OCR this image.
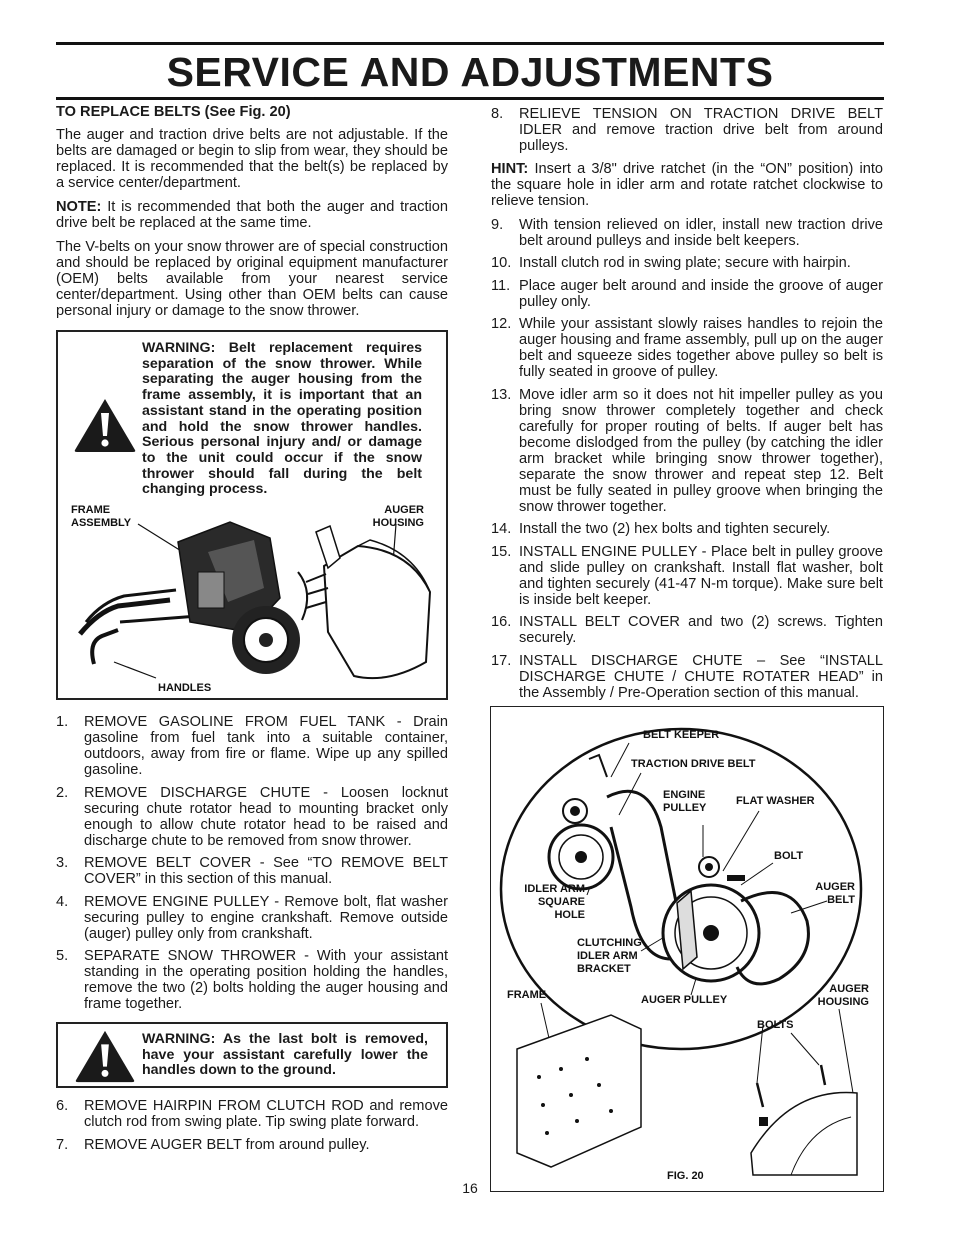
SERVICE AND ADJUSTMENTS

TO REPLACE BELTS (See Fig. 20)

The auger and traction drive belts are not adjustable. If the belts are damaged or begin to slip from wear, they should be replaced. It is recommended that the belt(s) be replaced by a service center/department.

NOTE: It is recommended that both the auger and traction drive belt be replaced at the same time.

The V-belts on your snow thrower are of special construction and should be replaced by original equipment manufacturer (OEM) belts available from your nearest service center/department. Using other than OEM belts can cause personal injury or damage to the snow thrower.

WARNING: Belt replacement requires separation of the snow thrower. While separating the auger housing from the frame assembly, it is important that an assistant stand in the operating position and hold the snow thrower handles. Serious personal injury and/ or damage to the unit could occur if the snow thrower should fall during the belt changing process.
FRAME
ASSEMBLY
AUGER
HOUSING
HANDLES
1. REMOVE GASOLINE FROM FUEL TANK - Drain gasoline from fuel tank into a suitable container, outdoors, away from fire or flame. Wipe up any spilled gasoline.
2. REMOVE DISCHARGE CHUTE - Loosen locknut securing chute rotator head to mounting bracket only enough to allow chute rotator head to be raised and discharge chute to be removed from snow thrower.
3. REMOVE BELT COVER - See “TO REMOVE BELT COVER” in this section of this manual.
4. REMOVE ENGINE PULLEY - Remove bolt, flat washer securing pulley to engine crankshaft. Remove outside (auger) pulley only from crankshaft.
5. SEPARATE SNOW THROWER - With your assistant standing in the operating position holding the handles, remove the two (2) bolts holding the auger housing and frame together.
WARNING: As the last bolt is removed, have your assistant carefully lower the handles down to the ground.
6. REMOVE HAIRPIN FROM CLUTCH ROD and remove clutch rod from swing plate. Tip swing plate forward.
7. REMOVE AUGER BELT from around pulley.
8. RELIEVE TENSION ON TRACTION DRIVE BELT IDLER and remove traction drive belt from around pulleys.

HINT: Insert a 3/8" drive ratchet (in the “ON” position) into the square hole in idler arm and rotate ratchet clockwise to relieve tension.

9. With tension relieved on idler, install new traction drive belt around pulleys and inside belt keepers.
10. Install clutch rod in swing plate; secure with hairpin.
11. Place auger belt around and inside the groove of auger pulley only.
12. While your assistant slowly raises handles to rejoin the auger housing and frame assembly, pull up on the auger belt and squeeze sides together above pulley so belt is fully seated in groove of pulley.
13. Move idler arm so it does not hit impeller pulley as you bring snow thrower completely together and check carefully for proper routing of belts. If auger belt has become dislodged from the pulley (by catching the idler arm bracket while bringing snow thrower together), separate the snow thrower and repeat step 12. Belt must be fully seated in pulley groove when bringing the snow thrower together.
14. Install the two (2) hex bolts and tighten securely.
15. INSTALL ENGINE PULLEY - Place belt in pulley groove and slide pulley on crankshaft. Install flat washer, bolt and tighten securely (41-47 N-m torque). Make sure belt is inside belt keeper.
16. INSTALL BELT COVER and two (2) screws. Tighten securely.
17. INSTALL DISCHARGE CHUTE – See “INSTALL DISCHARGE CHUTE / CHUTE ROTATER HEAD” in the Assembly / Pre-Operation section of this manual.
BELT KEEPER
TRACTION DRIVE BELT
ENGINE
PULLEY
FLAT WASHER
BOLT
IDLER ARM
SQUARE
HOLE
AUGER
BELT
CLUTCHING
IDLER ARM
BRACKET
FRAME	AUGER PULLEY
AUGER
HOUSING
BOLTS
FIG. 20
16
